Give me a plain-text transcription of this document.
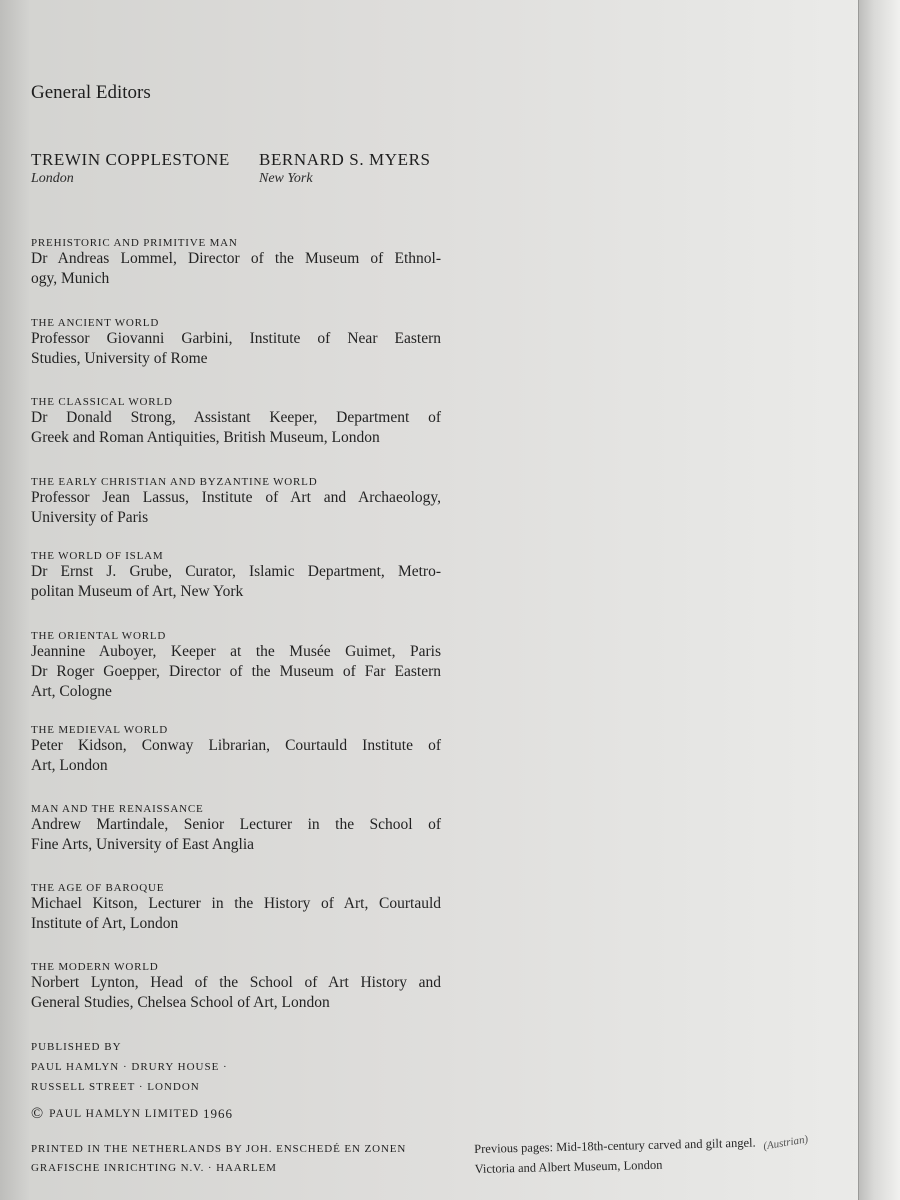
General Editors
TREWIN COPPLESTONE
London
BERNARD S. MYERS
New York
PREHISTORIC AND PRIMITIVE MAN
Dr Andreas Lommel, Director of the Museum of Ethnol-
ogy, Munich
THE ANCIENT WORLD
Professor Giovanni Garbini, Institute of Near Eastern
Studies, University of Rome
THE CLASSICAL WORLD
Dr Donald Strong, Assistant Keeper, Department of
Greek and Roman Antiquities, British Museum, London
THE EARLY CHRISTIAN AND BYZANTINE WORLD
Professor Jean Lassus, Institute of Art and Archaeology,
University of Paris
THE WORLD OF ISLAM
Dr Ernst J. Grube, Curator, Islamic Department, Metro-
politan Museum of Art, New York
THE ORIENTAL WORLD
Jeannine Auboyer, Keeper at the Musée Guimet, Paris
Dr Roger Goepper, Director of the Museum of Far Eastern
Art, Cologne
THE MEDIEVAL WORLD
Peter Kidson, Conway Librarian, Courtauld Institute of
Art, London
MAN AND THE RENAISSANCE
Andrew Martindale, Senior Lecturer in the School of
Fine Arts, University of East Anglia
THE AGE OF BAROQUE
Michael Kitson, Lecturer in the History of Art, Courtauld
Institute of Art, London
THE MODERN WORLD
Norbert Lynton, Head of the School of Art History and
General Studies, Chelsea School of Art, London
PUBLISHED BY
PAUL HAMLYN · DRURY HOUSE ·
RUSSELL STREET · LONDON
© PAUL HAMLYN LIMITED 1966
PRINTED IN THE NETHERLANDS BY JOH. ENSCHEDÉ EN ZONEN
GRAFISCHE INRICHTING N.V. · HAARLEM
Previous pages: Mid-18th-century carved and gilt angel. (Austrian)
Victoria and Albert Museum, London
